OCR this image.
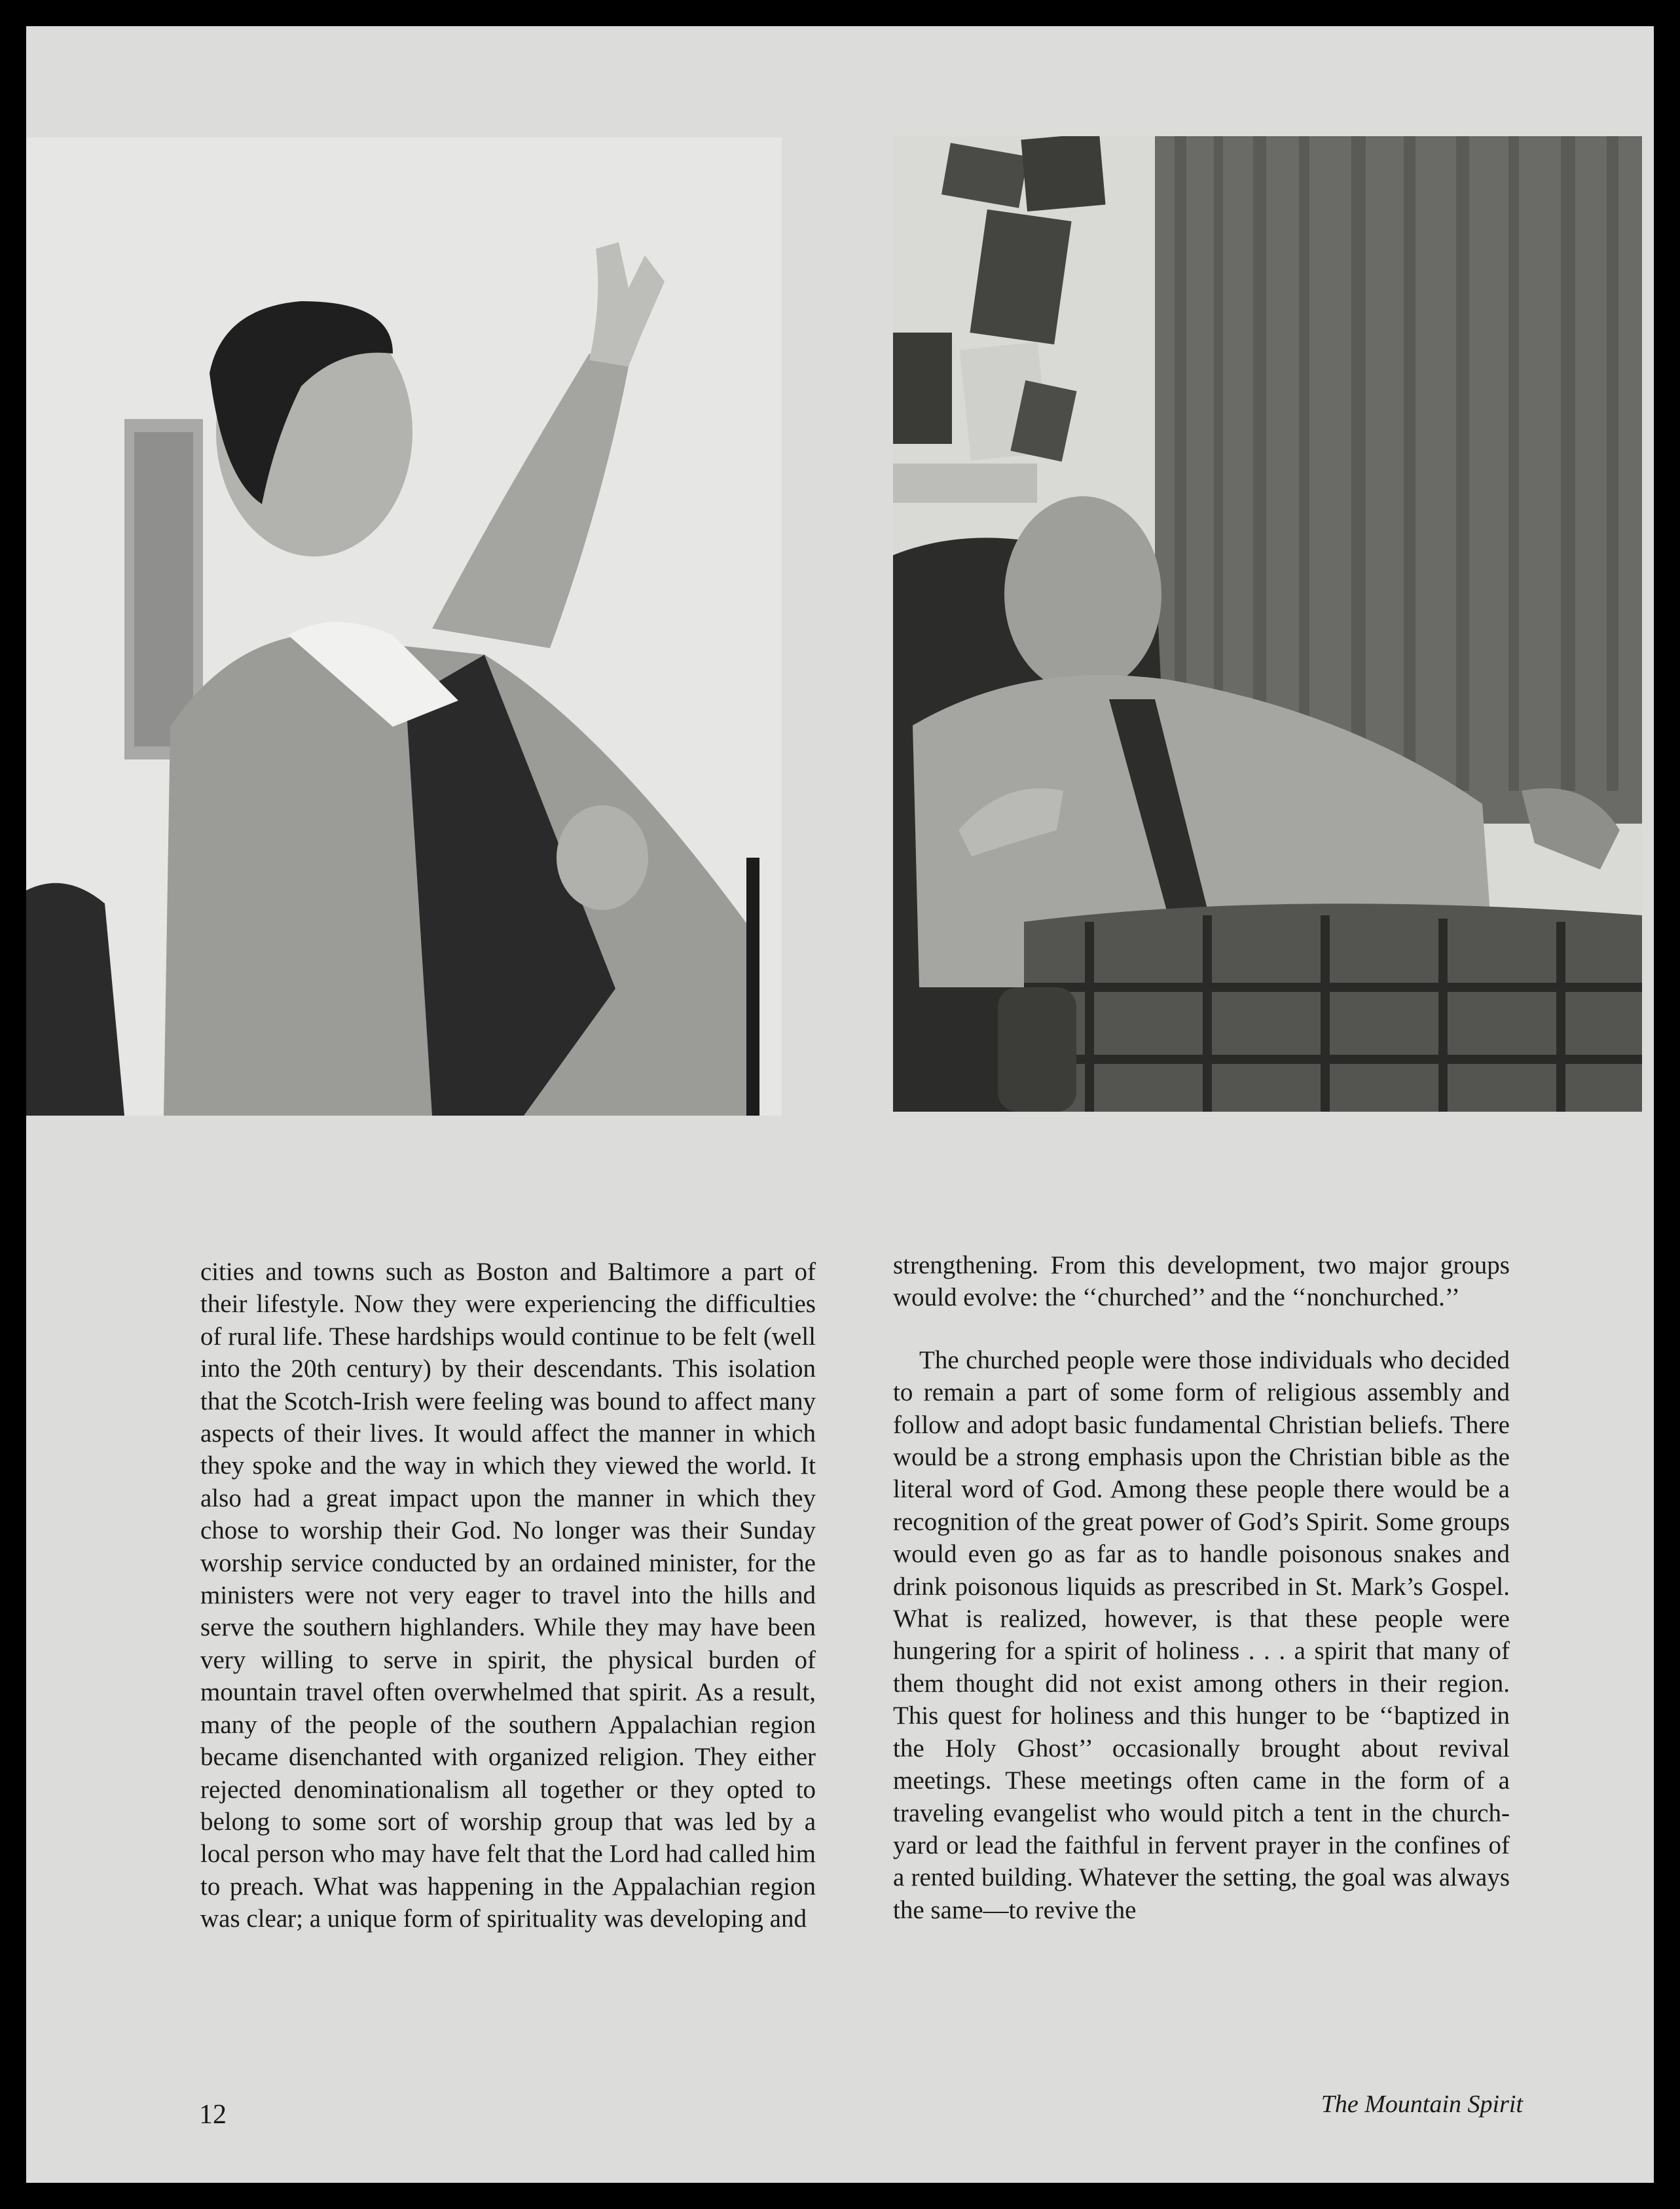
cities and towns such as Boston and Baltimore a part of their lifestyle. Now they were experiencing the difficulties of rural life. These hardships would continue to be felt (well into the 20th century) by their descendants. This isolation that the Scotch-Irish were feeling was bound to affect many aspects of their lives. It would affect the manner in which they spoke and the way in which they viewed the world. It also had a great impact upon the manner in which they chose to worship their God. No longer was their Sunday worship service conducted by an ordained minister, for the ministers were not very eager to travel into the hills and serve the southern highlanders. While they may have been very willing to serve in spirit, the physical burden of mountain travel often overwhelmed that spirit. As a result, many of the people of the southern Appalachian region became disenchanted with organized religion. They either rejected denominationalism all together or they opted to belong to some sort of worship group that was led by a local person who may have felt that the Lord had called him to preach. What was happening in the Appalachian region was clear; a unique form of spirituality was developing and

strengthening. From this development, two major groups would evolve: the ‘‘churched’’ and the ‘‘nonchurched.’’

The churched people were those individuals who decided to remain a part of some form of religious assembly and follow and adopt basic fundamental Christian beliefs. There would be a strong emphasis upon the Christian bible as the literal word of God. Among these people there would be a recognition of the great power of God’s Spirit. Some groups would even go as far as to handle poisonous snakes and drink poisonous liquids as prescribed in St. Mark’s Gospel. What is realized, however, is that these people were hungering for a spirit of holiness . . . a spirit that many of them thought did not exist among others in their region. This quest for holiness and this hunger to be ‘‘baptized in the Holy Ghost’’ occasionally brought about revival meetings. These meetings often came in the form of a traveling evangelist who would pitch a tent in the churchyard or lead the faithful in fervent prayer in the confines of a rented building. Whatever the setting, the goal was always the same—to revive the

12	The Mountain Spirit
